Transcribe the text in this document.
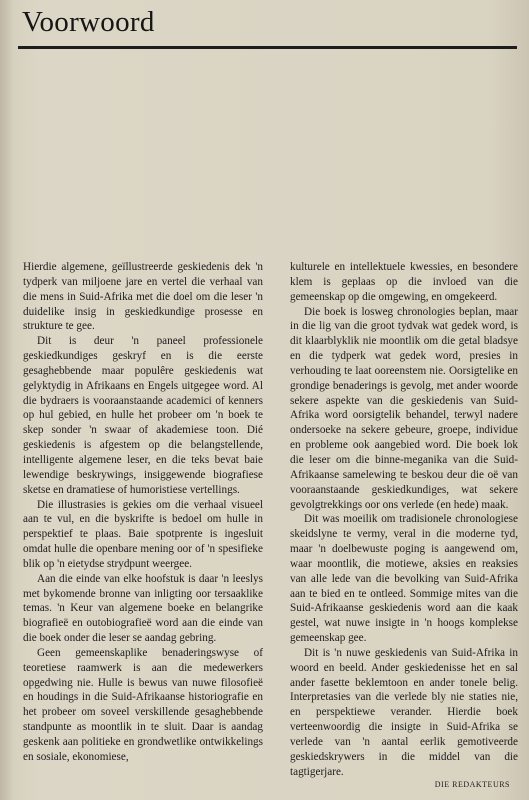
Voorwoord

Hierdie algemene, geïllustreerde geskiedenis dek 'n tydperk van miljoene jare en vertel die verhaal van die mens in Suid-Afrika met die doel om die leser 'n duidelike insig in geskiedkundige prosesse en strukture te gee.

Dit is deur 'n paneel professionele geskiedkundiges geskryf en is die eerste gesaghebbende maar populêre geskiedenis wat gelyktydig in Afrikaans en Engels uitgegee word. Al die bydraers is vooraanstaande academici of kenners op hul gebied, en hulle het probeer om 'n boek te skep sonder 'n swaar of akademiese toon. Dié geskiedenis is afgestem op die belangstellende, intelligente algemene leser, en die teks bevat baie lewendige beskrywings, insiggewende biografiese sketse en dramatiese of humoristiese vertellings.

Die illustrasies is gekies om die verhaal visueel aan te vul, en die byskrifte is bedoel om hulle in perspektief te plaas. Baie spotprente is ingesluit omdat hulle die openbare mening oor of 'n spesifieke blik op 'n eietydse strydpunt weergee.

Aan die einde van elke hoofstuk is daar 'n leeslys met bykomende bronne van inligting oor tersaaklike temas. 'n Keur van algemene boeke en belangrike biografieë en outobiografieë word aan die einde van die boek onder die leser se aandag gebring.

Geen gemeenskaplike benaderingswyse of teoretiese raamwerk is aan die medewerkers opgedwing nie. Hulle is bewus van nuwe filosofieë en houdings in die Suid-Afrikaanse historiografie en het probeer om soveel verskillende gesaghebbende standpunte as moontlik in te sluit. Daar is aandag geskenk aan politieke en grondwetlike ontwikkelings en sosiale, ekonomiese,

kulturele en intellektuele kwessies, en besondere klem is geplaas op die invloed van die gemeenskap op die omgewing, en omgekeerd.

Die boek is losweg chronologies beplan, maar in die lig van die groot tydvak wat gedek word, is dit klaarblyklik nie moontlik om die getal bladsye en die tydperk wat gedek word, presies in verhouding te laat ooreenstem nie. Oorsigtelike en grondige benaderings is gevolg, met ander woorde sekere aspekte van die geskiedenis van Suid-Afrika word oorsigtelik behandel, terwyl nadere ondersoeke na sekere gebeure, groepe, individue en probleme ook aangebied word. Die boek lok die leser om die binne-meganika van die Suid-Afrikaanse samelewing te beskou deur die oë van vooraanstaande geskiedkundiges, wat sekere gevolgtrekkings oor ons verlede (en hede) maak.

Dit was moeilik om tradisionele chronologiese skeidslyne te vermy, veral in die moderne tyd, maar 'n doelbewuste poging is aangewend om, waar moontlik, die motiewe, aksies en reaksies van alle lede van die bevolking van Suid-Afrika aan te bied en te ontleed. Sommige mites van die Suid-Afrikaanse geskiedenis word aan die kaak gestel, wat nuwe insigte in 'n hoogs komplekse gemeenskap gee.

Dit is 'n nuwe geskiedenis van Suid-Afrika in woord en beeld. Ander geskiedenisse het en sal ander fasette beklemtoon en ander tonele belig. Interpretasies van die verlede bly nie staties nie, en perspektiewe verander. Hierdie boek verteenwoordig die insigte in Suid-Afrika se verlede van 'n aantal eerlik gemotiveerde geskiedskrywers in die middel van die tagtigerjare.

DIE REDAKTEURS
